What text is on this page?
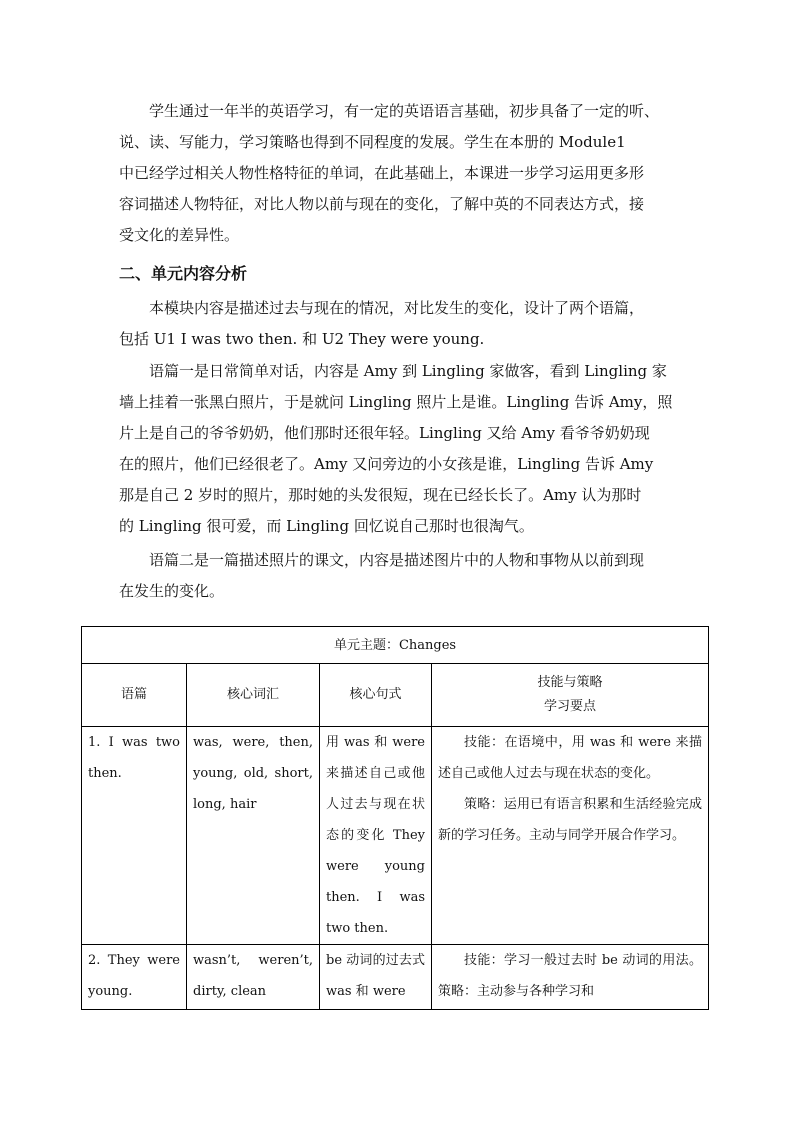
学生通过一年半的英语学习，有一定的英语语言基础，初步具备了一定的听、

说、读、写能力，学习策略也得到不同程度的发展。学生在本册的 Module1

中已经学过相关人物性格特征的单词，在此基础上，本课进一步学习运用更多形

容词描述人物特征，对比人物以前与现在的变化，了解中英的不同表达方式，接

受文化的差异性。

二、单元内容分析

本模块内容是描述过去与现在的情况，对比发生的变化，设计了两个语篇，

包括 U1 I was two then. 和 U2 They were young.

语篇一是日常简单对话，内容是 Amy 到 Lingling 家做客，看到 Lingling 家

墙上挂着一张黑白照片，于是就问 Lingling 照片上是谁。Lingling 告诉 Amy，照

片上是自己的爷爷奶奶，他们那时还很年轻。Lingling 又给 Amy 看爷爷奶奶现

在的照片，他们已经很老了。Amy 又问旁边的小女孩是谁，Lingling 告诉 Amy

那是自己 2 岁时的照片，那时她的头发很短，现在已经长长了。Amy 认为那时

的 Lingling 很可爱，而 Lingling 回忆说自己那时也很淘气。

语篇二是一篇描述照片的课文，内容是描述图片中的人物和事物从以前到现

在发生的变化。

单元主题：Changes			
语篇	核心词汇	核心句式	技能与策略
学习要点

1. I was two then.	was, were, then, young, old, short, long, hair	用 was 和 were 来描述自己或他人过去与现在状态的变化 They were young then. I was two then.	技能：在语境中，用 was 和 were 来描述自己或他人过去与现在状态的变化。

策略：运用已有语言积累和生活经验完成新的学习任务。主动与同学开展合作学习。

2. They were young.	wasn’t, weren’t, dirty, clean	be 动词的过去式 was 和 were	技能：学习一般过去时 be 动词的用法。策略：主动参与各种学习和
